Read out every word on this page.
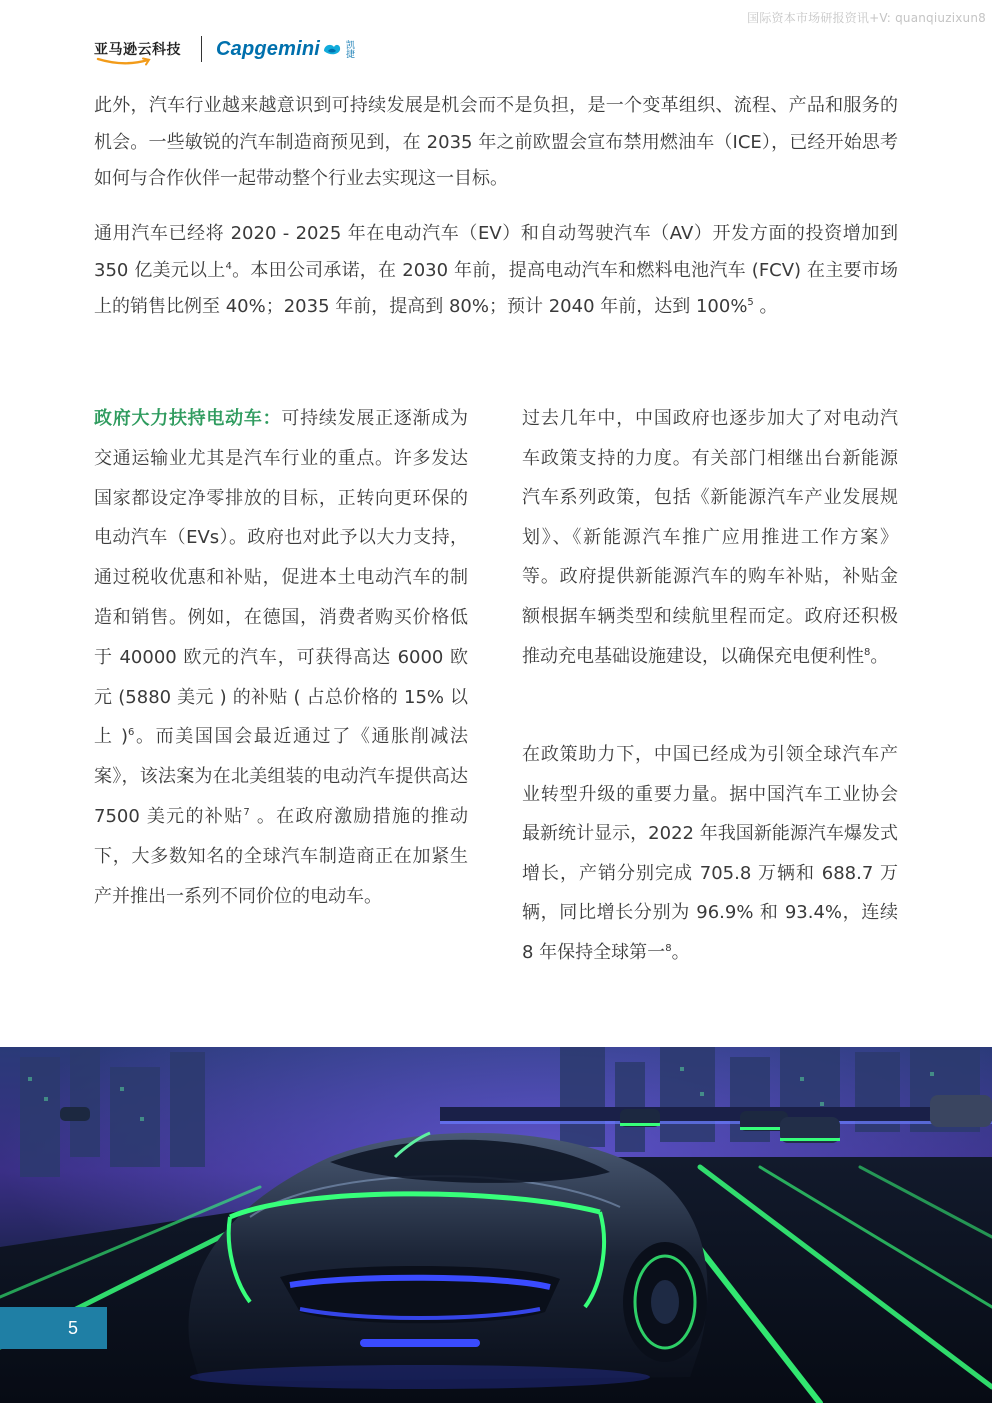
国际资本市场研报资讯+V: quanqiuzixun8
亚马逊云科技 Capgemini	凯捷

此外，汽车行业越来越意识到可持续发展是机会而不是负担，是一个变革组织、流程、产品和服务的机会。一些敏锐的汽车制造商预见到，在 2035 年之前欧盟会宣布禁用燃油车（ICE），已经开始思考如何与合作伙伴一起带动整个行业去实现这一目标。

通用汽车已经将 2020 - 2025 年在电动汽车（EV）和自动驾驶汽车（AV）开发方面的投资增加到 350 亿美元以上$^4$。本田公司承诺，在 2030 年前，提高电动汽车和燃料电池汽车 (FCV) 在主要市场上的销售比例至 40%；2035 年前，提高到 80%；预计 2040 年前，达到 100%$^5$ 。

政府大力扶持电动车：可持续发展正逐渐成为交通运输业尤其是汽车行业的重点。许多发达国家都设定净零排放的目标，正转向更环保的电动汽车（EVs）。政府也对此予以大力支持，通过税收优惠和补贴，促进本土电动汽车的制造和销售。例如，在德国，消费者购买价格低于 40000 欧元的汽车，可获得高达 6000 欧元 (5880 美元 ) 的补贴 ( 占总价格的 15% 以上 )$^6$。而美国国会最近通过了《通胀削减法案》，该法案为在北美组装的电动汽车提供高达 7500 美元的补贴$^7$ 。在政府激励措施的推动下，大多数知名的全球汽车制造商正在加紧生产并推出一系列不同价位的电动车。

过去几年中，中国政府也逐步加大了对电动汽车政策支持的力度。有关部门相继出台新能源汽车系列政策，包括《新能源汽车产业发展规划》、《新能源汽车推广应用推进工作方案》等。政府提供新能源汽车的购车补贴，补贴金额根据车辆类型和续航里程而定。政府还积极推动充电基础设施建设，以确保充电便利性$^8$。

在政策助力下，中国已经成为引领全球汽车产业转型升级的重要力量。据中国汽车工业协会最新统计显示，2022 年我国新能源汽车爆发式增长，产销分别完成 705.8 万辆和 688.7 万辆，同比增长分别为 96.9% 和 93.4%，连续 8 年保持全球第一$^8$。

5
